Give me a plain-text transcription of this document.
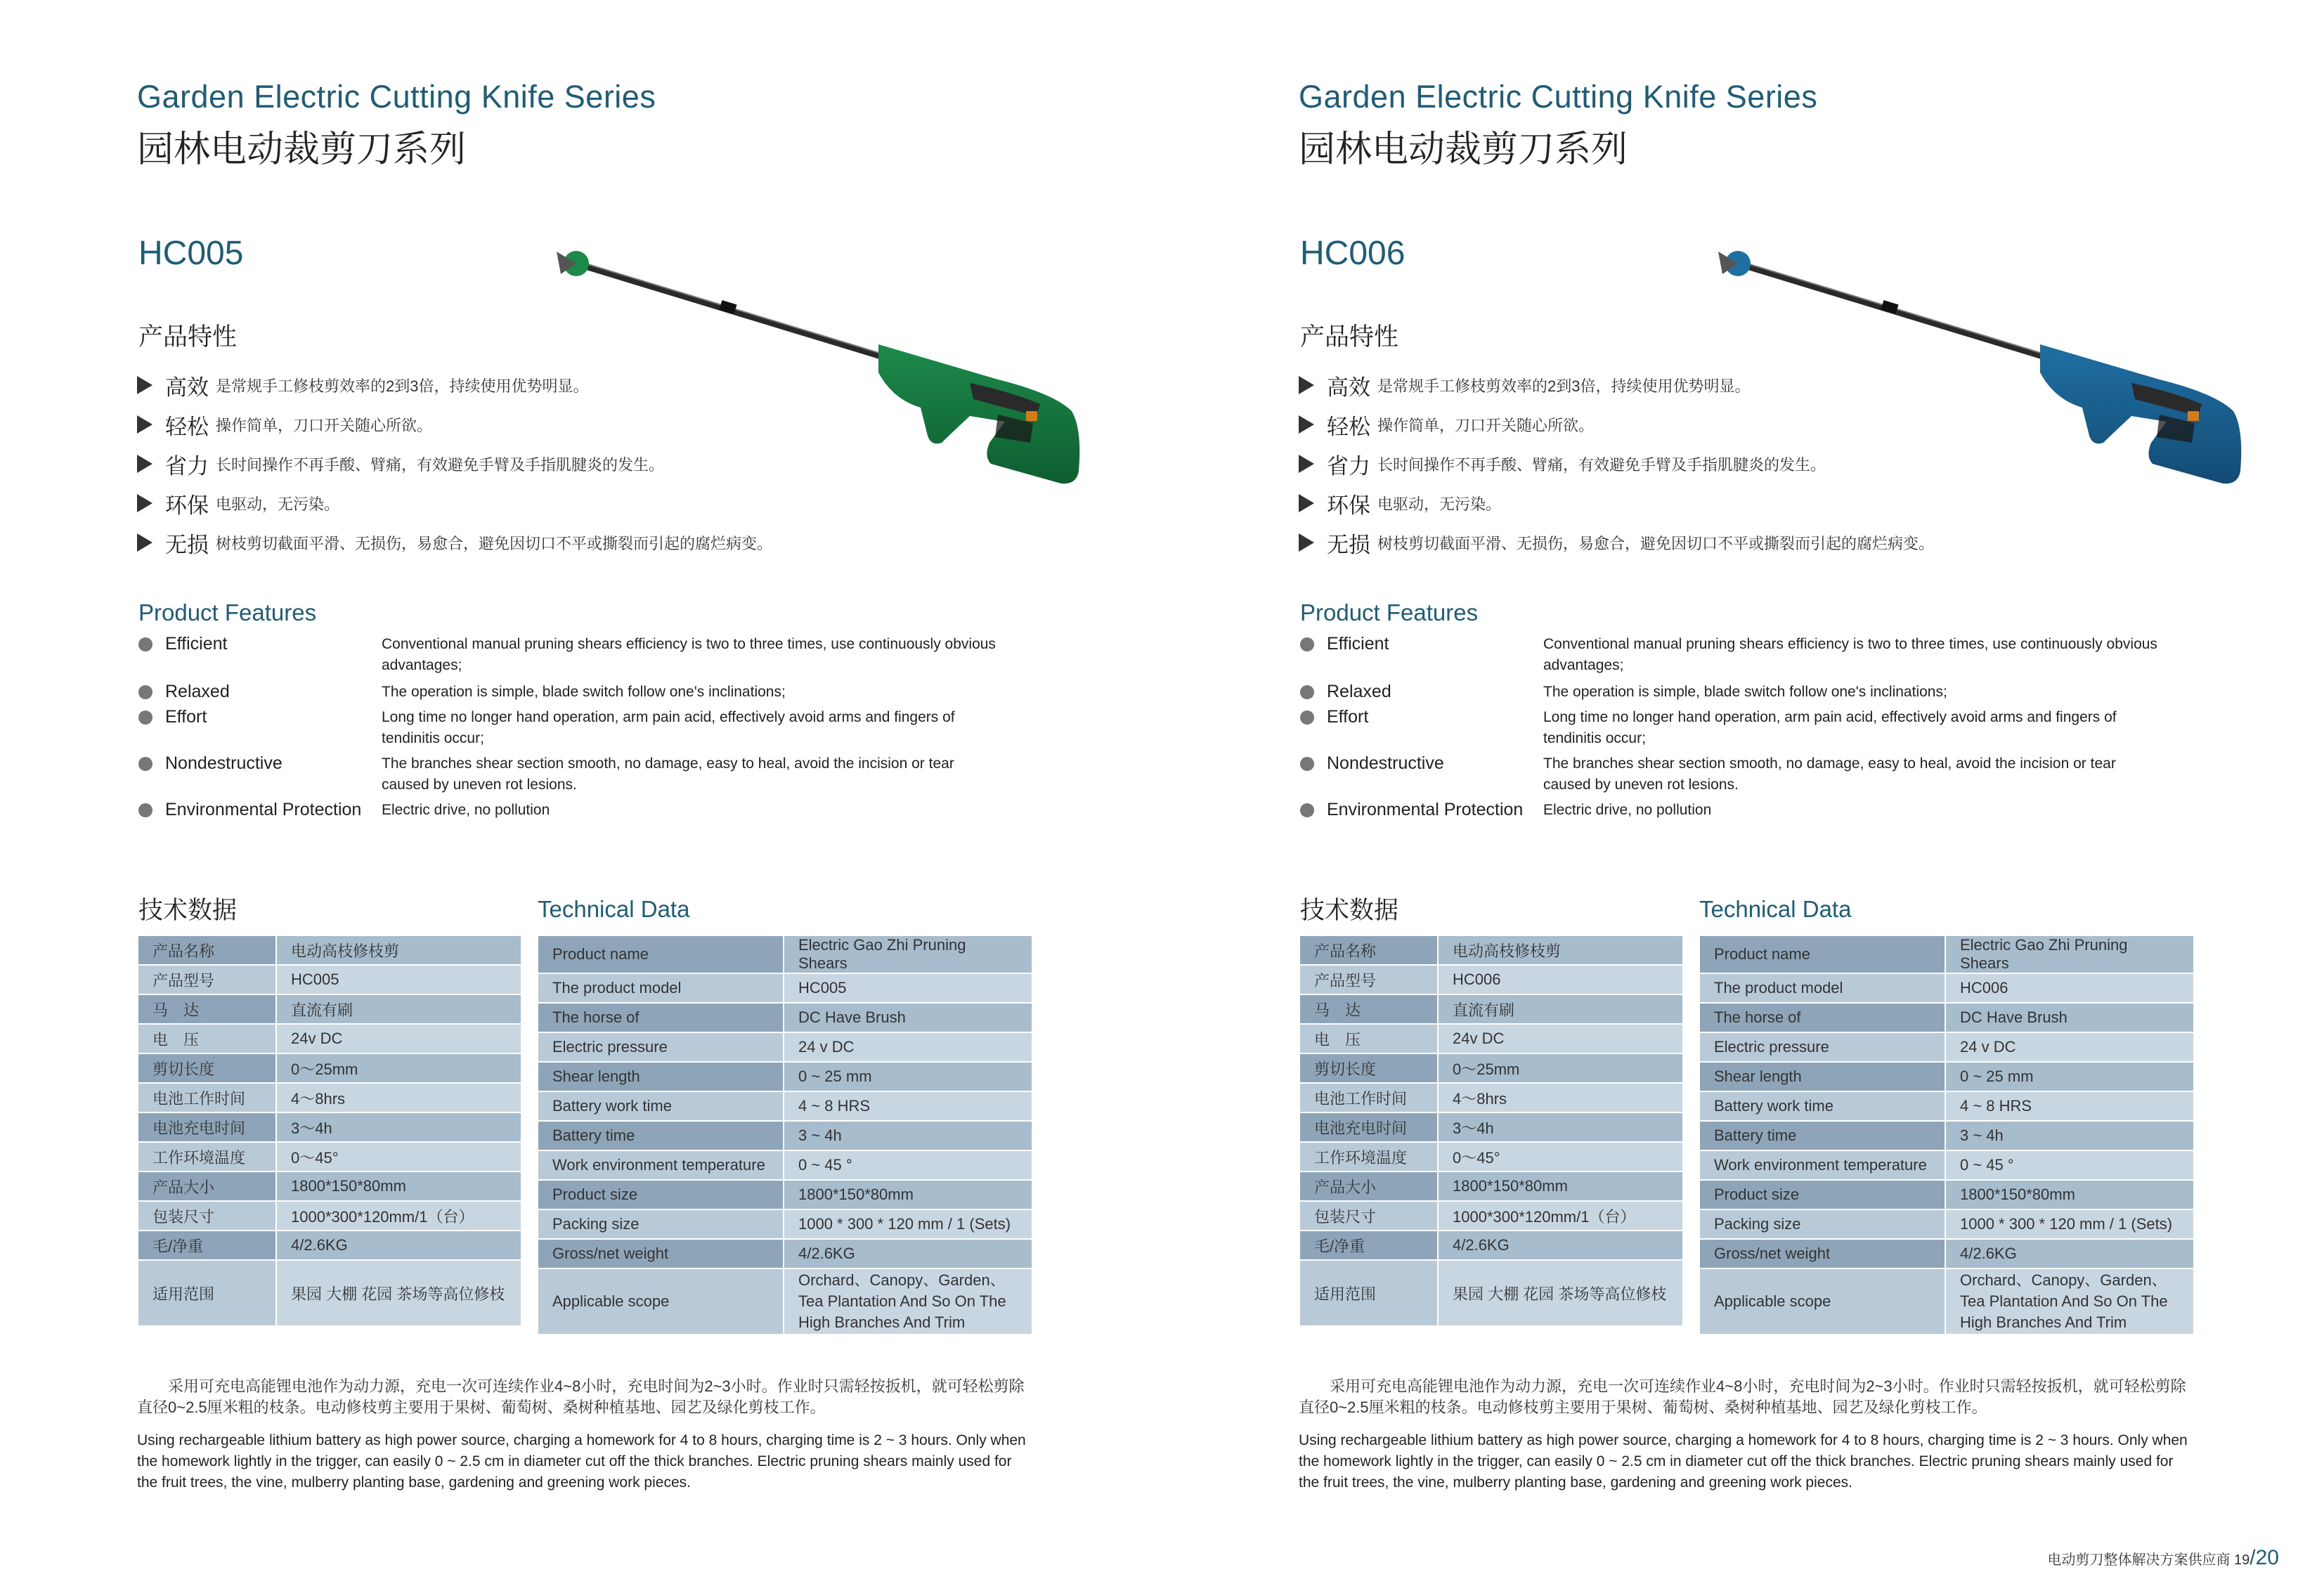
Garden Electric Cutting Knife Series
园林电动裁剪刀系列
HC005
产品特性
高效 是常规手工修枝剪效率的2到3倍，持续使用优势明显。
轻松 操作简单，刀口开关随心所欲。
省力 长时间操作不再手酸、臂痛，有效避免手臂及手指肌腱炎的发生。
环保 电驱动，无污染。
无损 树枝剪切截面平滑、无损伤，易愈合，避免因切口不平或撕裂而引起的腐烂病变。
Product Features
Efficient	Conventional manual pruning shears efficiency is two to three times, use continuously obvious advantages;
Relaxed	The operation is simple, blade switch follow one's inclinations;
Effort	Long time no longer hand operation, arm pain acid, effectively avoid arms and fingers of tendinitis occur;
Nondestructive	The branches shear section smooth, no damage, easy to heal, avoid the incision or tear caused by uneven rot lesions.
Environmental Protection	Electric drive, no pollution
技术数据	Technical Data
产品名称	电动高枝修枝剪
产品型号	HC005
马　达	直流有刷
电　压	24v DC
剪切长度	0～25mm
电池工作时间	4～8hrs
电池充电时间	3～4h
工作环境温度	0～45°
产品大小	1800*150*80mm
包装尺寸	1000*300*120mm/1（台）
毛/净重	4/2.6KG
适用范围	果园 大棚 花园 茶场等高位修枝
Product name	Electric Gao Zhi Pruning Shears
The product model	HC005
The horse of	DC Have Brush
Electric pressure	24 v DC
Shear length	0 ~ 25 mm
Battery work time	4 ~ 8 HRS
Battery time	3 ~ 4h
Work environment temperature	0 ~ 45 °
Product size	1800*150*80mm
Packing size	1000 * 300 * 120 mm / 1 (Sets)
Gross/net weight	4/2.6KG
Applicable scope	Orchard、Canopy、Garden、
Tea Plantation And So On The
High Branches And Trim
采用可充电高能锂电池作为动力源，充电一次可连续作业4~8小时，充电时间为2~3小时。作业时只需轻按扳机，就可轻松剪除直径0~2.5厘米粗的枝条。电动修枝剪主要用于果树、葡萄树、桑树种植基地、园艺及绿化剪枝工作。
Using rechargeable lithium battery as high power source, charging a homework for 4 to 8 hours, charging time is 2 ~ 3 hours. Only when the homework lightly in the trigger, can easily 0 ~ 2.5 cm in diameter cut off the thick branches. Electric pruning shears mainly used for the fruit trees, the vine, mulberry planting base, gardening and greening work pieces.
Garden Electric Cutting Knife Series
园林电动裁剪刀系列
HC006
产品特性
高效 是常规手工修枝剪效率的2到3倍，持续使用优势明显。
轻松 操作简单，刀口开关随心所欲。
省力 长时间操作不再手酸、臂痛，有效避免手臂及手指肌腱炎的发生。
环保 电驱动，无污染。
无损 树枝剪切截面平滑、无损伤，易愈合，避免因切口不平或撕裂而引起的腐烂病变。
Product Features
Efficient	Conventional manual pruning shears efficiency is two to three times, use continuously obvious advantages;
Relaxed	The operation is simple, blade switch follow one's inclinations;
Effort	Long time no longer hand operation, arm pain acid, effectively avoid arms and fingers of tendinitis occur;
Nondestructive	The branches shear section smooth, no damage, easy to heal, avoid the incision or tear caused by uneven rot lesions.
Environmental Protection	Electric drive, no pollution
技术数据	Technical Data
产品名称	电动高枝修枝剪
产品型号	HC006
马　达	直流有刷
电　压	24v DC
剪切长度	0～25mm
电池工作时间	4～8hrs
电池充电时间	3～4h
工作环境温度	0～45°
产品大小	1800*150*80mm
包装尺寸	1000*300*120mm/1（台）
毛/净重	4/2.6KG
适用范围	果园 大棚 花园 茶场等高位修枝
Product name	Electric Gao Zhi Pruning Shears
The product model	HC006
The horse of	DC Have Brush
Electric pressure	24 v DC
Shear length	0 ~ 25 mm
Battery work time	4 ~ 8 HRS
Battery time	3 ~ 4h
Work environment temperature	0 ~ 45 °
Product size	1800*150*80mm
Packing size	1000 * 300 * 120 mm / 1 (Sets)
Gross/net weight	4/2.6KG
Applicable scope	Orchard、Canopy、Garden、
Tea Plantation And So On The
High Branches And Trim
采用可充电高能锂电池作为动力源，充电一次可连续作业4~8小时，充电时间为2~3小时。作业时只需轻按扳机，就可轻松剪除直径0~2.5厘米粗的枝条。电动修枝剪主要用于果树、葡萄树、桑树种植基地、园艺及绿化剪枝工作。
Using rechargeable lithium battery as high power source, charging a homework for 4 to 8 hours, charging time is 2 ~ 3 hours. Only when the homework lightly in the trigger, can easily 0 ~ 2.5 cm in diameter cut off the thick branches. Electric pruning shears mainly used for the fruit trees, the vine, mulberry planting base, gardening and greening work pieces.
电动剪刀整体解决方案供应商 19/20
